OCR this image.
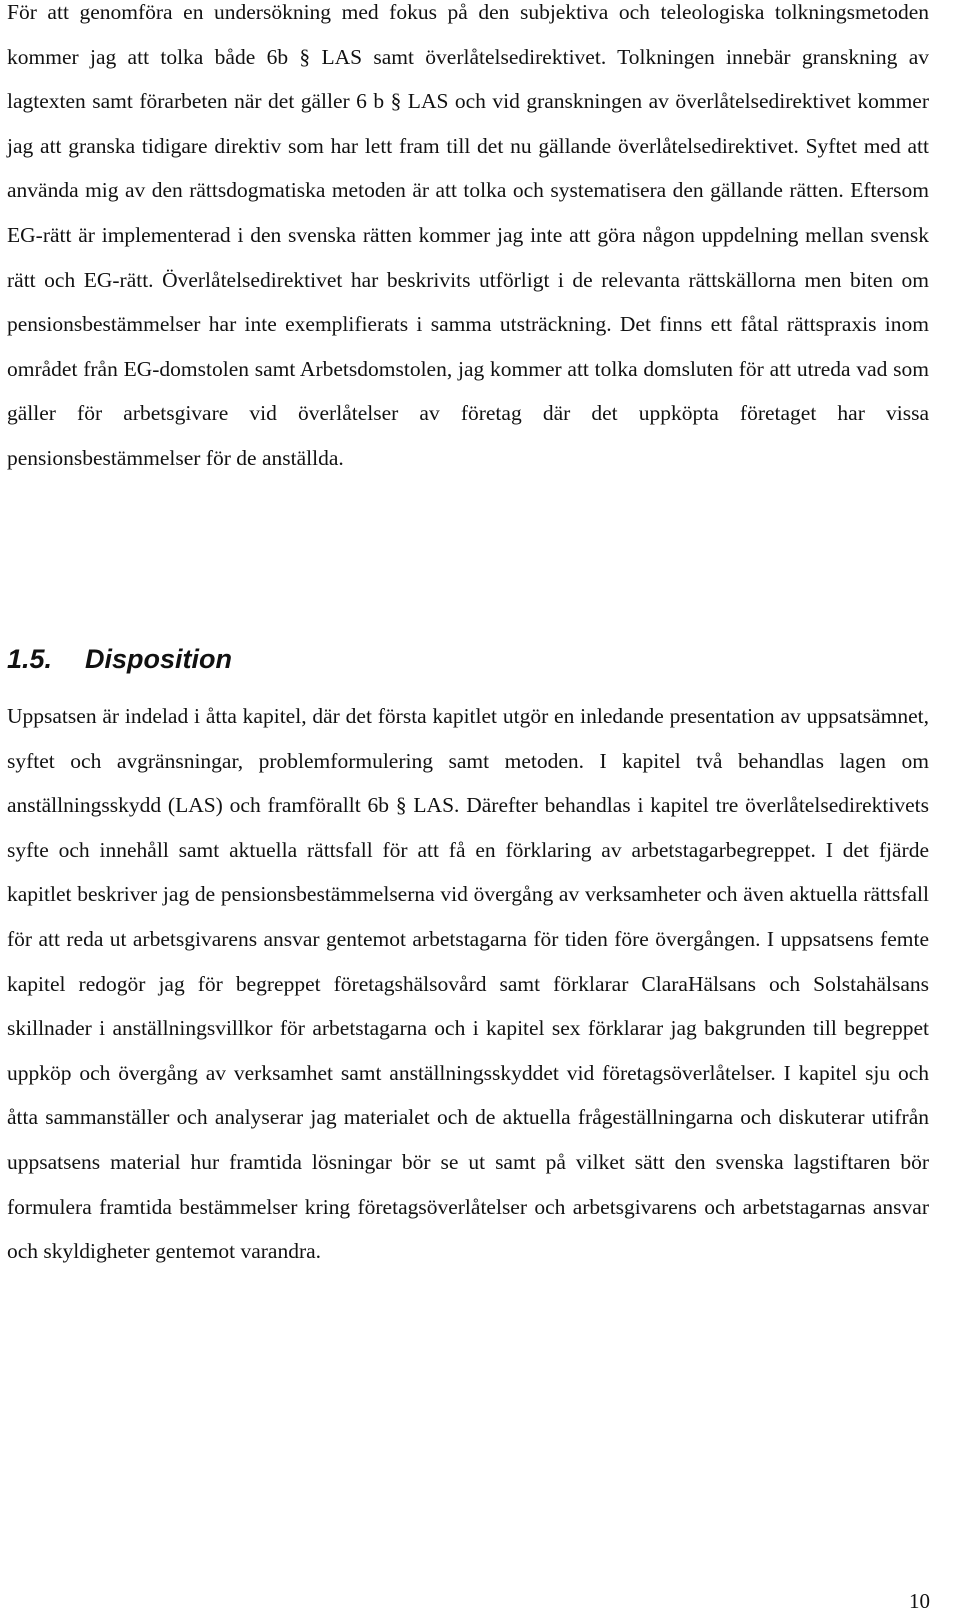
För att genomföra en undersökning med fokus på den subjektiva och teleologiska tolkningsmetoden kommer jag att tolka både 6b § LAS samt överlåtelsedirektivet. Tolkningen innebär granskning av lagtexten samt förarbeten när det gäller 6 b § LAS och vid granskningen av överlåtelsedirektivet kommer jag att granska tidigare direktiv som har lett fram till det nu gällande överlåtelsedirektivet. Syftet med att använda mig av den rättsdogmatiska metoden är att tolka och systematisera den gällande rätten. Eftersom EG-rätt är implementerad i den svenska rätten kommer jag inte att göra någon uppdelning mellan svensk rätt och EG-rätt. Överlåtelsedirektivet har beskrivits utförligt i de relevanta rättskällorna men biten om pensionsbestämmelser har inte exemplifierats i samma utsträckning. Det finns ett fåtal rättspraxis inom området från EG-domstolen samt Arbetsdomstolen, jag kommer att tolka domsluten för att utreda vad som gäller för arbetsgivare vid överlåtelser av företag där det uppköpta företaget har vissa pensionsbestämmelser för de anställda.

1.5. Disposition

Uppsatsen är indelad i åtta kapitel, där det första kapitlet utgör en inledande presentation av uppsatsämnet, syftet och avgränsningar, problemformulering samt metoden. I kapitel två behandlas lagen om anställningsskydd (LAS) och framförallt 6b § LAS. Därefter behandlas i kapitel tre överlåtelsedirektivets syfte och innehåll samt aktuella rättsfall för att få en förklaring av arbetstagarbegreppet. I det fjärde kapitlet beskriver jag de pensionsbestämmelserna vid övergång av verksamheter och även aktuella rättsfall för att reda ut arbetsgivarens ansvar gentemot arbetstagarna för tiden före övergången. I uppsatsens femte kapitel redogör jag för begreppet företagshälsovård samt förklarar ClaraHälsans och Solstahälsans skillnader i anställningsvillkor för arbetstagarna och i kapitel sex förklarar jag bakgrunden till begreppet uppköp och övergång av verksamhet samt anställningsskyddet vid företagsöverlåtelser. I kapitel sju och åtta sammanställer och analyserar jag materialet och de aktuella frågeställningarna och diskuterar utifrån uppsatsens material hur framtida lösningar bör se ut samt på vilket sätt den svenska lagstiftaren bör formulera framtida bestämmelser kring företagsöverlåtelser och arbetsgivarens och arbetstagarnas ansvar och skyldigheter gentemot varandra.

10
